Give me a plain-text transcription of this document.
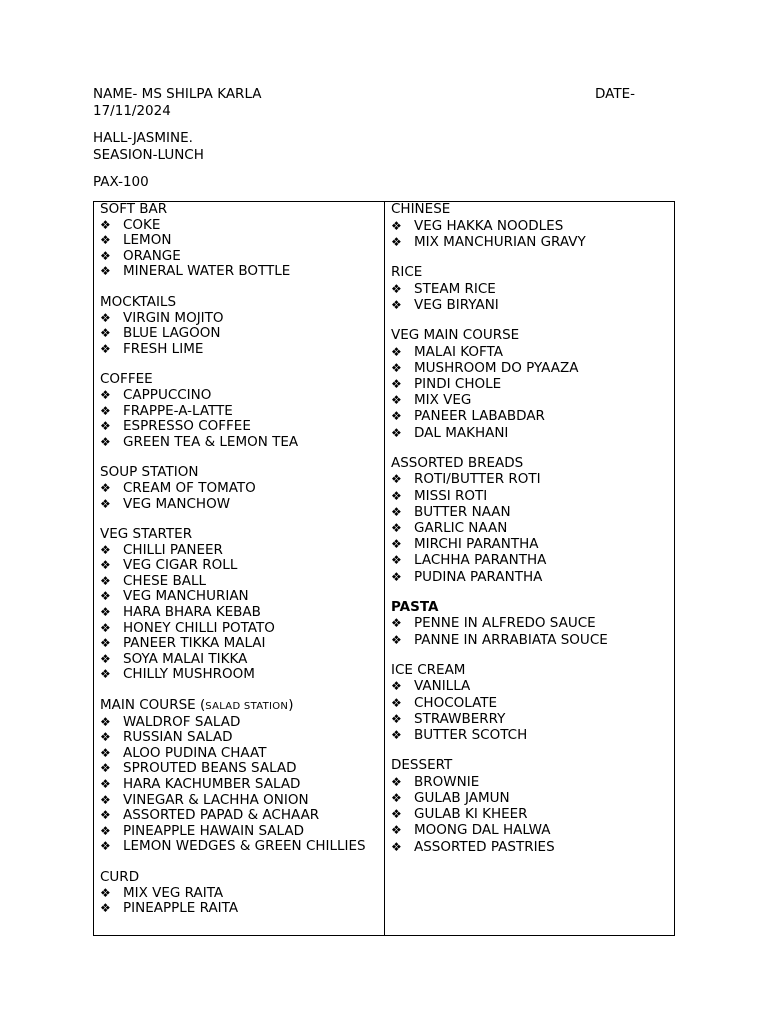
NAME- MS SHILPA KARLA	DATE-
17/11/2024
HALL-JASMINE.
SEASION-LUNCH
PAX-100
SOFT BAR
❖ COKE
❖ LEMON
❖ ORANGE
❖ MINERAL WATER BOTTLE
MOCKTAILS
❖ VIRGIN MOJITO
❖ BLUE LAGOON
❖ FRESH LIME
COFFEE
❖ CAPPUCCINO
❖ FRAPPE-A-LATTE
❖ ESPRESSO COFFEE
❖ GREEN TEA & LEMON TEA
SOUP STATION
❖ CREAM OF TOMATO
❖ VEG MANCHOW
VEG STARTER
❖ CHILLI PANEER
❖ VEG CIGAR ROLL
❖ CHESE BALL
❖ VEG MANCHURIAN
❖ HARA BHARA KEBAB
❖ HONEY CHILLI POTATO
❖ PANEER TIKKA MALAI
❖ SOYA MALAI TIKKA
❖ CHILLY MUSHROOM
MAIN COURSE (SALAD STATION)
❖ WALDROF SALAD
❖ RUSSIAN SALAD
❖ ALOO PUDINA CHAAT
❖ SPROUTED BEANS SALAD
❖ HARA KACHUMBER SALAD
❖ VINEGAR & LACHHA ONION
❖ ASSORTED PAPAD & ACHAAR
❖ PINEAPPLE HAWAIN SALAD
❖ LEMON WEDGES & GREEN CHILLIES
CURD
❖ MIX VEG RAITA
❖ PINEAPPLE RAITA
CHINESE
❖ VEG HAKKA NOODLES
❖ MIX MANCHURIAN GRAVY
RICE
❖ STEAM RICE
❖ VEG BIRYANI
VEG MAIN COURSE
❖ MALAI KOFTA
❖ MUSHROOM DO PYAAZA
❖ PINDI CHOLE
❖ MIX VEG
❖ PANEER LABABDAR
❖ DAL MAKHANI
ASSORTED BREADS
❖ ROTI/BUTTER ROTI
❖ MISSI ROTI
❖ BUTTER NAAN
❖ GARLIC NAAN
❖ MIRCHI PARANTHA
❖ LACHHA PARANTHA
❖ PUDINA PARANTHA
PASTA
❖ PENNE IN ALFREDO SAUCE
❖ PANNE IN ARRABIATA SOUCE
ICE CREAM
❖ VANILLA
❖ CHOCOLATE
❖ STRAWBERRY
❖ BUTTER SCOTCH
DESSERT
❖ BROWNIE
❖ GULAB JAMUN
❖ GULAB KI KHEER
❖ MOONG DAL HALWA
❖ ASSORTED PASTRIES
